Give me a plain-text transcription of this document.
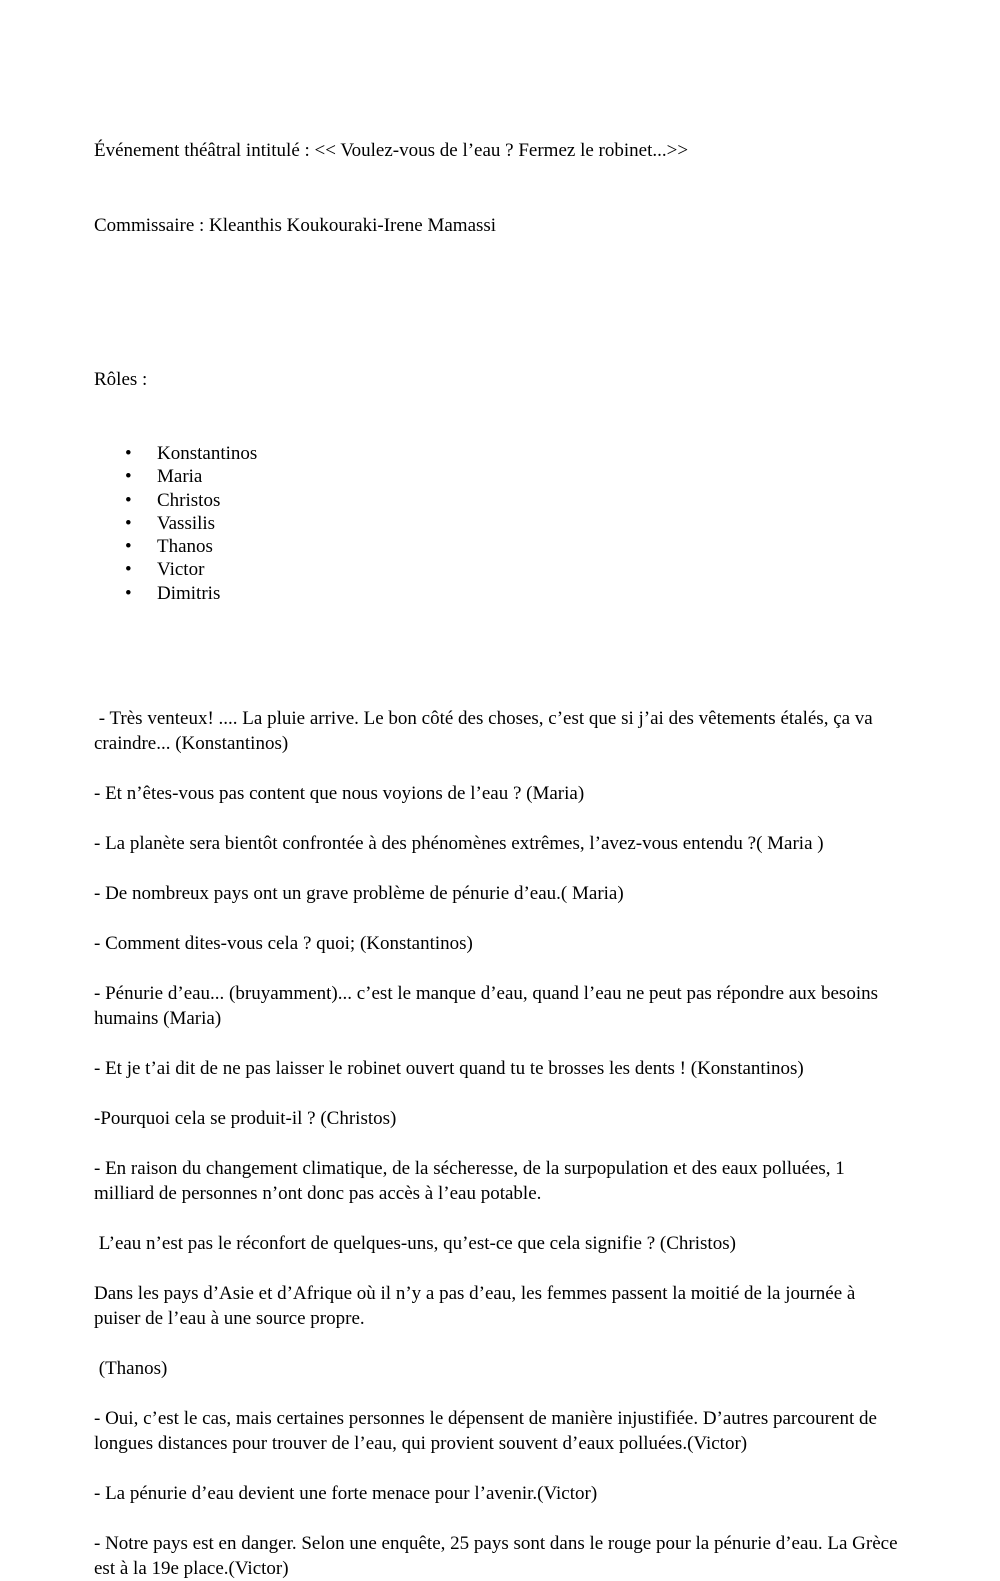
Événement théâtral intitulé : << Voulez-vous de l’eau ? Fermez le robinet...>>

Commissaire : Kleanthis Koukouraki-Irene Mamassi

Rôles :

• Konstantinos
• Maria
• Christos
• Vassilis
• Thanos
• Victor
• Dimitris

- Très venteux! .... La pluie arrive. Le bon côté des choses, c’est que si j’ai des vêtements étalés, ça va craindre... (Konstantinos)

- Et n’êtes-vous pas content que nous voyions de l’eau ? (Maria)

- La planète sera bientôt confrontée à des phénomènes extrêmes, l’avez-vous entendu ?( Maria )

- De nombreux pays ont un grave problème de pénurie d’eau.( Maria)

- Comment dites-vous cela ? quoi; (Konstantinos)

- Pénurie d’eau... (bruyamment)... c’est le manque d’eau, quand l’eau ne peut pas répondre aux besoins humains (Maria)

- Et je t’ai dit de ne pas laisser le robinet ouvert quand tu te brosses les dents ! (Konstantinos)

-Pourquoi cela se produit-il ? (Christos)

- En raison du changement climatique, de la sécheresse, de la surpopulation et des eaux polluées, 1 milliard de personnes n’ont donc pas accès à l’eau potable.

L’eau n’est pas le réconfort de quelques-uns, qu’est-ce que cela signifie ? (Christos)

Dans les pays d’Asie et d’Afrique où il n’y a pas d’eau, les femmes passent la moitié de la journée à puiser de l’eau à une source propre.

(Thanos)

- Oui, c’est le cas, mais certaines personnes le dépensent de manière injustifiée. D’autres parcourent de longues distances pour trouver de l’eau, qui provient souvent d’eaux polluées.(Victor)

- La pénurie d’eau devient une forte menace pour l’avenir.(Victor)

- Notre pays est en danger. Selon une enquête, 25 pays sont dans le rouge pour la pénurie d’eau. La Grèce est à la 19e place.(Victor)
